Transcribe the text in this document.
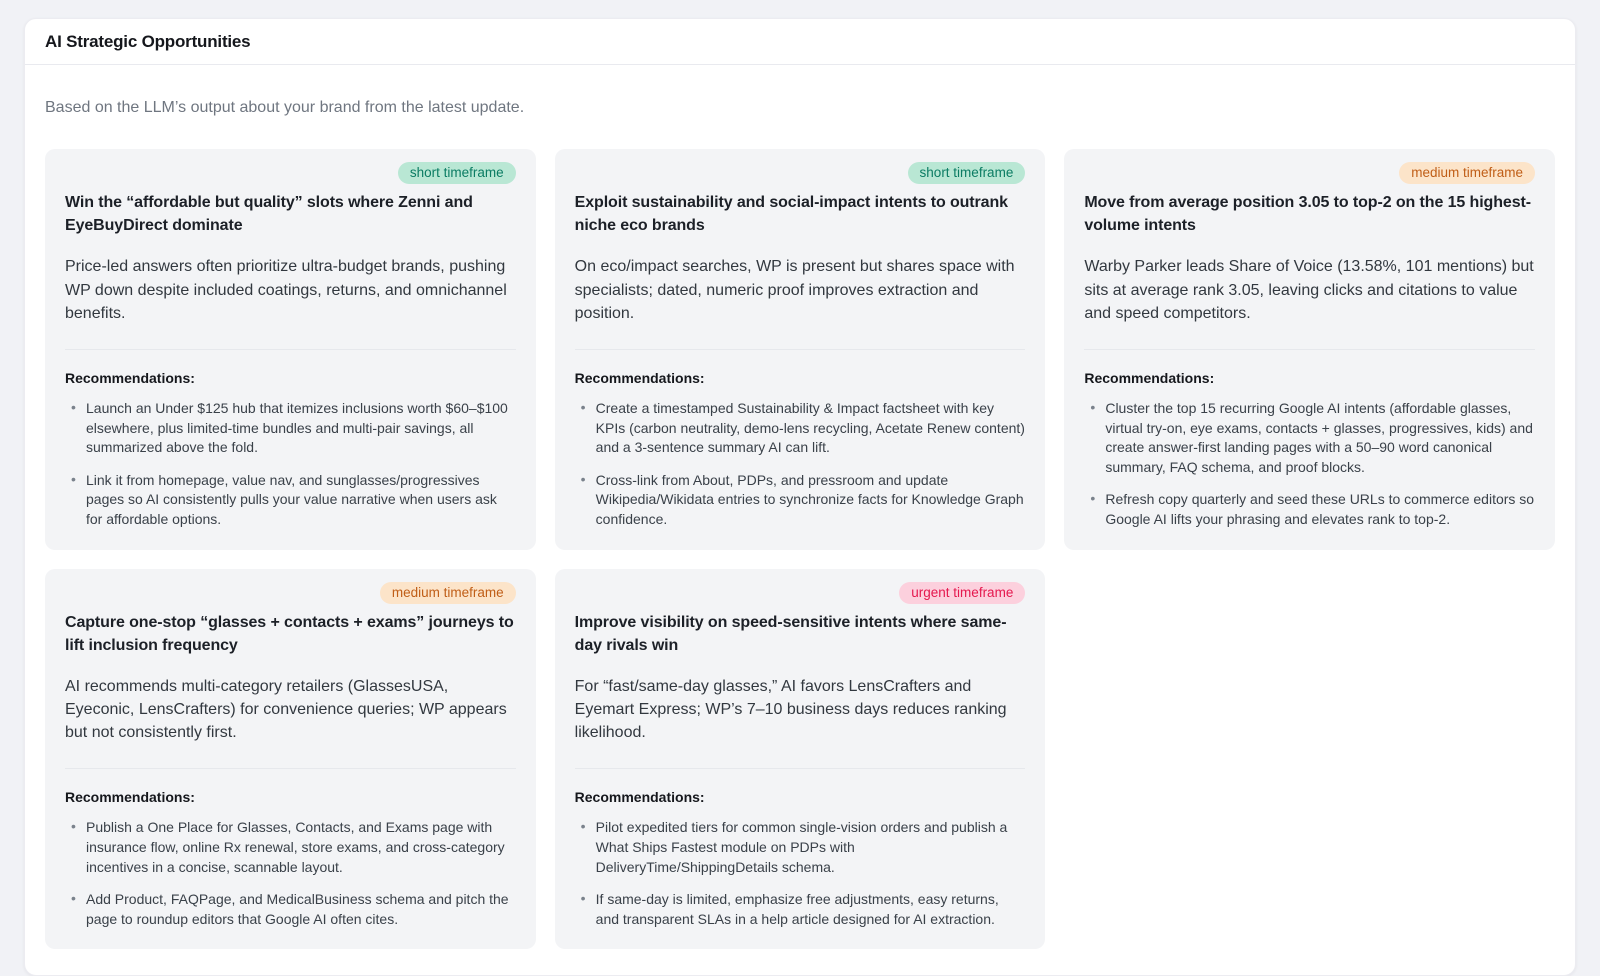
AI Strategic Opportunities
Based on the LLM’s output about your brand from the latest update.
short timeframe
Win the “affordable but quality” slots where Zenni and EyeBuyDirect dominate
Price-led answers often prioritize ultra-budget brands, pushing WP down despite included coatings, returns, and omnichannel benefits.
Recommendations:
• Launch an Under $125 hub that itemizes inclusions worth $60–$100 elsewhere, plus limited-time bundles and multi-pair savings, all summarized above the fold.
• Link it from homepage, value nav, and sunglasses/progressives pages so AI consistently pulls your value narrative when users ask for affordable options.
short timeframe
Exploit sustainability and social-impact intents to outrank niche eco brands
On eco/impact searches, WP is present but shares space with specialists; dated, numeric proof improves extraction and position.
Recommendations:
• Create a timestamped Sustainability & Impact factsheet with key KPIs (carbon neutrality, demo-lens recycling, Acetate Renew content) and a 3-sentence summary AI can lift.
• Cross-link from About, PDPs, and pressroom and update Wikipedia/Wikidata entries to synchronize facts for Knowledge Graph confidence.
medium timeframe
Move from average position 3.05 to top-2 on the 15 highest-volume intents
Warby Parker leads Share of Voice (13.58%, 101 mentions) but sits at average rank 3.05, leaving clicks and citations to value and speed competitors.
Recommendations:
• Cluster the top 15 recurring Google AI intents (affordable glasses, virtual try-on, eye exams, contacts + glasses, progressives, kids) and create answer-first landing pages with a 50–90 word canonical summary, FAQ schema, and proof blocks.
• Refresh copy quarterly and seed these URLs to commerce editors so Google AI lifts your phrasing and elevates rank to top-2.
medium timeframe
Capture one-stop “glasses + contacts + exams” journeys to lift inclusion frequency
AI recommends multi-category retailers (GlassesUSA, Eyeconic, LensCrafters) for convenience queries; WP appears but not consistently first.
Recommendations:
• Publish a One Place for Glasses, Contacts, and Exams page with insurance flow, online Rx renewal, store exams, and cross-category incentives in a concise, scannable layout.
• Add Product, FAQPage, and MedicalBusiness schema and pitch the page to roundup editors that Google AI often cites.
urgent timeframe
Improve visibility on speed-sensitive intents where same-day rivals win
For “fast/same-day glasses,” AI favors LensCrafters and Eyemart Express; WP’s 7–10 business days reduces ranking likelihood.
Recommendations:
• Pilot expedited tiers for common single-vision orders and publish a What Ships Fastest module on PDPs with DeliveryTime/ShippingDetails schema.
• If same-day is limited, emphasize free adjustments, easy returns, and transparent SLAs in a help article designed for AI extraction.
